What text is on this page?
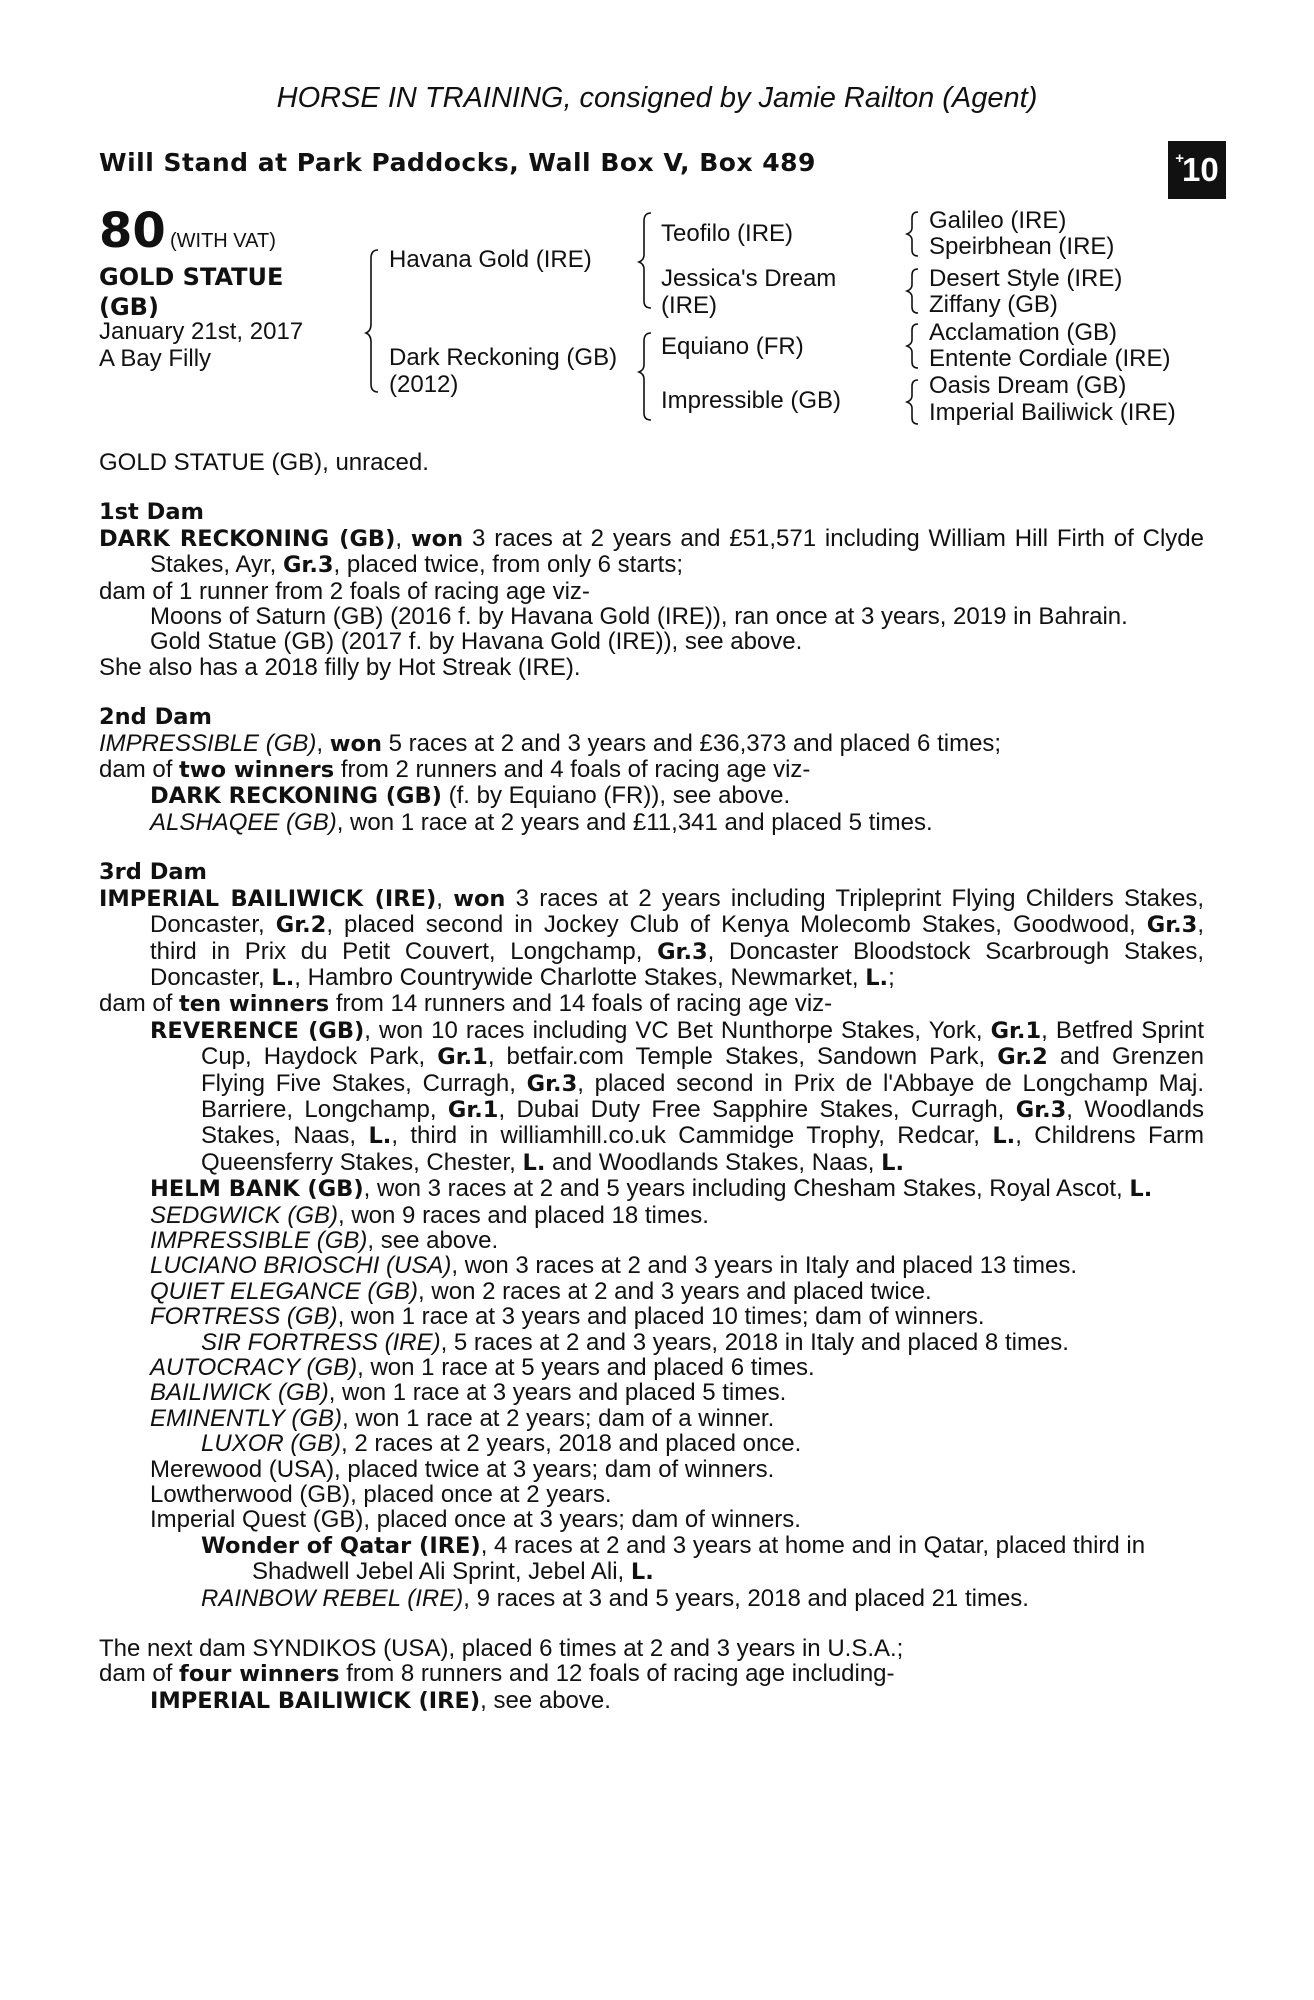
HORSE IN TRAINING, consigned by Jamie Railton (Agent)
Will Stand at Park Paddocks, Wall Box V, Box 489	+
10
80 (WITH VAT)
GOLD STATUE
(GB)
January 21st, 2017
A Bay Filly
Havana Gold (IRE)
Dark Reckoning (GB)
(2012)
Teofilo (IRE)
Jessica's Dream
(IRE)
Equiano (FR)
Impressible (GB)
Galileo (IRE)
Speirbhean (IRE)
Desert Style (IRE)
Ziffany (GB)
Acclamation (GB)
Entente Cordiale (IRE)
Oasis Dream (GB)
Imperial Bailiwick (IRE)

GOLD STATUE (GB), unraced.

1st Dam

DARK RECKONING (GB), won 3 races at 2 years and £51,571 including William Hill Firth of Clyde Stakes, Ayr, Gr.3, placed twice, from only 6 starts;

dam of 1 runner from 2 foals of racing age viz-

Moons of Saturn (GB) (2016 f. by Havana Gold (IRE)), ran once at 3 years, 2019 in Bahrain.

Gold Statue (GB) (2017 f. by Havana Gold (IRE)), see above.

She also has a 2018 filly by Hot Streak (IRE).

2nd Dam

IMPRESSIBLE (GB), won 5 races at 2 and 3 years and £36,373 and placed 6 times;

dam of two winners from 2 runners and 4 foals of racing age viz-

DARK RECKONING (GB) (f. by Equiano (FR)), see above.

ALSHAQEE (GB), won 1 race at 2 years and £11,341 and placed 5 times.

3rd Dam

IMPERIAL BAILIWICK (IRE), won 3 races at 2 years including Tripleprint Flying Childers Stakes, Doncaster, Gr.2, placed second in Jockey Club of Kenya Molecomb Stakes, Goodwood, Gr.3, third in Prix du Petit Couvert, Longchamp, Gr.3, Doncaster Bloodstock Scarbrough Stakes, Doncaster, L., Hambro Countrywide Charlotte Stakes, Newmarket, L.;

dam of ten winners from 14 runners and 14 foals of racing age viz-

REVERENCE (GB), won 10 races including VC Bet Nunthorpe Stakes, York, Gr.1, Betfred Sprint Cup, Haydock Park, Gr.1, betfair.com Temple Stakes, Sandown Park, Gr.2 and Grenzen Flying Five Stakes, Curragh, Gr.3, placed second in Prix de l'Abbaye de Longchamp Maj. Barriere, Longchamp, Gr.1, Dubai Duty Free Sapphire Stakes, Curragh, Gr.3, Woodlands Stakes, Naas, L., third in williamhill.co.uk Cammidge Trophy, Redcar, L., Childrens Farm Queensferry Stakes, Chester, L. and Woodlands Stakes, Naas, L.

HELM BANK (GB), won 3 races at 2 and 5 years including Chesham Stakes, Royal Ascot, L.

SEDGWICK (GB), won 9 races and placed 18 times.

IMPRESSIBLE (GB), see above.

LUCIANO BRIOSCHI (USA), won 3 races at 2 and 3 years in Italy and placed 13 times.

QUIET ELEGANCE (GB), won 2 races at 2 and 3 years and placed twice.

FORTRESS (GB), won 1 race at 3 years and placed 10 times; dam of winners.

SIR FORTRESS (IRE), 5 races at 2 and 3 years, 2018 in Italy and placed 8 times.

AUTOCRACY (GB), won 1 race at 5 years and placed 6 times.

BAILIWICK (GB), won 1 race at 3 years and placed 5 times.

EMINENTLY (GB), won 1 race at 2 years; dam of a winner.

LUXOR (GB), 2 races at 2 years, 2018 and placed once.

Merewood (USA), placed twice at 3 years; dam of winners.

Lowtherwood (GB), placed once at 2 years.

Imperial Quest (GB), placed once at 3 years; dam of winners.

Wonder of Qatar (IRE), 4 races at 2 and 3 years at home and in Qatar, placed third in Shadwell Jebel Ali Sprint, Jebel Ali, L.

RAINBOW REBEL (IRE), 9 races at 3 and 5 years, 2018 and placed 21 times.

The next dam SYNDIKOS (USA), placed 6 times at 2 and 3 years in U.S.A.;

dam of four winners from 8 runners and 12 foals of racing age including-

IMPERIAL BAILIWICK (IRE), see above.
